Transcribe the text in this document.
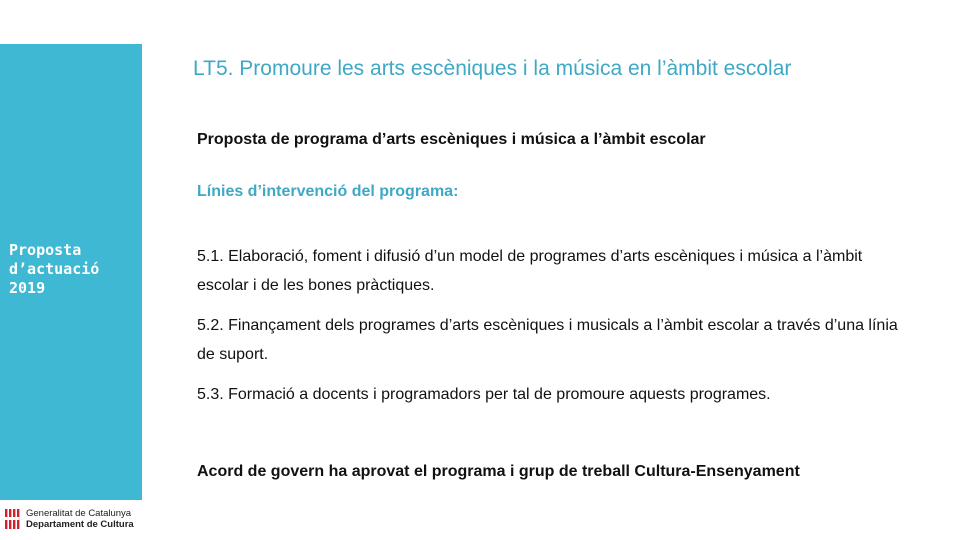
Proposta
d’actuació
2019
Generalitat de Catalunya
Departament de Cultura
LT5. Promoure les arts escèniques i la música en l’àmbit escolar

Proposta de programa d’arts escèniques i música a l’àmbit escolar

Línies d’intervenció del programa:

5.1. Elaboració, foment i difusió d’un model de programes d’arts escèniques i música a l’àmbit escolar i de les bones pràctiques.

5.2. Finançament dels programes d’arts escèniques i musicals a l’àmbit escolar a través d’una línia de suport.

5.3. Formació a docents i programadors per tal de promoure aquests programes.

Acord de govern ha aprovat el programa i grup de treball Cultura-Ensenyament
